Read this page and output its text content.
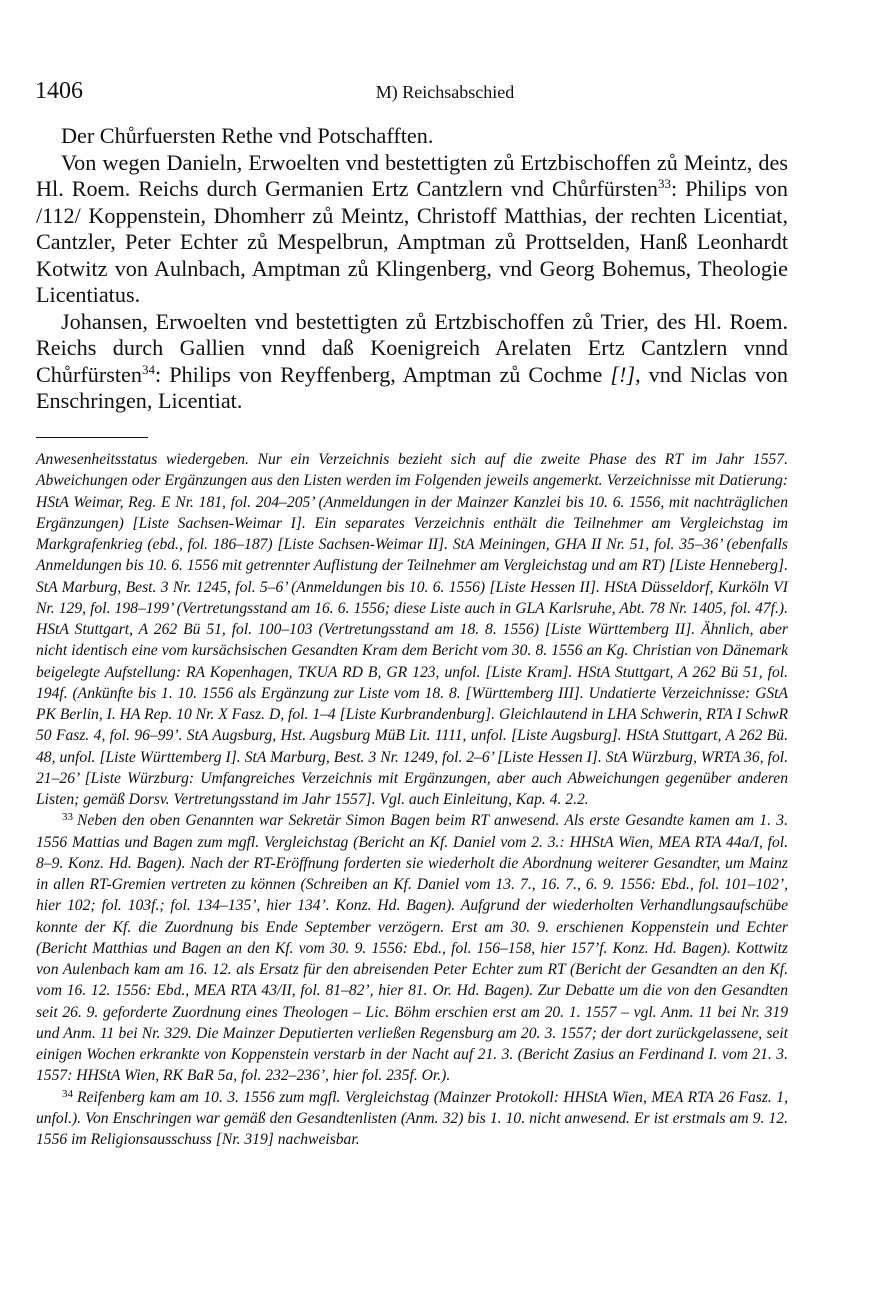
1406	M) Reichsabschied

Der Chůrfuersten Rethe vnd Potschafften.

Von wegen Danieln, Erwoelten vnd bestettigten zů Ertzbischoffen zů Meintz, des Hl. Roem. Reichs durch Germanien Ertz Cantzlern vnd Chůrfürsten$^{33}$: Philips von /112/ Koppenstein, Dhomherr zů Meintz, Christoff Matthias, der rechten Licentiat, Cantzler, Peter Echter zů Mespelbrun, Amptman zů Prottselden, Hanß Leonhardt Kotwitz von Aulnbach, Amptman zů Klingenberg, vnd Georg Bohemus, Theologie Licentiatus.

Johansen, Erwoelten vnd bestettigten zů Ertzbischoffen zů Trier, des Hl. Roem. Reichs durch Gallien vnnd daß Koenigreich Arelaten Ertz Cantzlern vnnd Chůrfürsten$^{34}$: Philips von Reyffenberg, Amptman zů Cochme [!], vnd Niclas von Enschringen, Licentiat.

Anwesenheitsstatus wiedergeben. Nur ein Verzeichnis bezieht sich auf die zweite Phase des RT im Jahr 1557. Abweichungen oder Ergänzungen aus den Listen werden im Folgenden jeweils angemerkt. Verzeichnisse mit Datierung: HStA Weimar, Reg. E Nr. 181, fol. 204–205’ (Anmeldungen in der Mainzer Kanzlei bis 10. 6. 1556, mit nachträglichen Ergänzungen) [Liste Sachsen-Weimar I]. Ein separates Verzeichnis enthält die Teilnehmer am Vergleichstag im Markgrafenkrieg (ebd., fol. 186–187) [Liste Sachsen-Weimar II]. StA Meiningen, GHA II Nr. 51, fol. 35–36’ (ebenfalls Anmeldungen bis 10. 6. 1556 mit getrennter Auflistung der Teilnehmer am Vergleichstag und am RT) [Liste Henneberg]. StA Marburg, Best. 3 Nr. 1245, fol. 5–6’ (Anmeldungen bis 10. 6. 1556) [Liste Hessen II]. HStA Düsseldorf, Kurköln VI Nr. 129, fol. 198–199’ (Vertretungsstand am 16. 6. 1556; diese Liste auch in GLA Karlsruhe, Abt. 78 Nr. 1405, fol. 47f.). HStA Stuttgart, A 262 Bü 51, fol. 100–103 (Vertretungsstand am 18. 8. 1556) [Liste Württemberg II]. Ähnlich, aber nicht identisch eine vom kursächsischen Gesandten Kram dem Bericht vom 30. 8. 1556 an Kg. Christian von Dänemark beigelegte Aufstellung: RA Kopenhagen, TKUA RD B, GR 123, unfol. [Liste Kram]. HStA Stuttgart, A 262 Bü 51, fol. 194f. (Ankünfte bis 1. 10. 1556 als Ergänzung zur Liste vom 18. 8. [Württemberg III]. Undatierte Verzeichnisse: GStA PK Berlin, I. HA Rep. 10 Nr. X Fasz. D, fol. 1–4 [Liste Kurbrandenburg]. Gleichlautend in LHA Schwerin, RTA I SchwR 50 Fasz. 4, fol. 96–99’. StA Augsburg, Hst. Augsburg MüB Lit. 1111, unfol. [Liste Augsburg]. HStA Stuttgart, A 262 Bü. 48, unfol. [Liste Württemberg I]. StA Marburg, Best. 3 Nr. 1249, fol. 2–6’ [Liste Hessen I]. StA Würzburg, WRTA 36, fol. 21–26’ [Liste Würzburg: Umfangreiches Verzeichnis mit Ergänzungen, aber auch Abweichungen gegenüber anderen Listen; gemäß Dorsv. Vertretungsstand im Jahr 1557]. Vgl. auch Einleitung, Kap. 4. 2.2.

$^{33}$ Neben den oben Genannten war Sekretär Simon Bagen beim RT anwesend. Als erste Gesandte kamen am 1. 3. 1556 Mattias und Bagen zum mgfl. Vergleichstag (Bericht an Kf. Daniel vom 2. 3.: HHStA Wien, MEA RTA 44a/I, fol. 8–9. Konz. Hd. Bagen). Nach der RT-Eröffnung forderten sie wiederholt die Abordnung weiterer Gesandter, um Mainz in allen RT-Gremien vertreten zu können (Schreiben an Kf. Daniel vom 13. 7., 16. 7., 6. 9. 1556: Ebd., fol. 101–102’, hier 102; fol. 103f.; fol. 134–135’, hier 134’. Konz. Hd. Bagen). Aufgrund der wiederholten Verhandlungsaufschübe konnte der Kf. die Zuordnung bis Ende September verzögern. Erst am 30. 9. erschienen Koppenstein und Echter (Bericht Matthias und Bagen an den Kf. vom 30. 9. 1556: Ebd., fol. 156–158, hier 157’f. Konz. Hd. Bagen). Kottwitz von Aulenbach kam am 16. 12. als Ersatz für den abreisenden Peter Echter zum RT (Bericht der Gesandten an den Kf. vom 16. 12. 1556: Ebd., MEA RTA 43/II, fol. 81–82’, hier 81. Or. Hd. Bagen). Zur Debatte um die von den Gesandten seit 26. 9. geforderte Zuordnung eines Theologen – Lic. Böhm erschien erst am 20. 1. 1557 – vgl. Anm. 11 bei Nr. 319 und Anm. 11 bei Nr. 329. Die Mainzer Deputierten verließen Regensburg am 20. 3. 1557; der dort zurückgelassene, seit einigen Wochen erkrankte von Koppenstein verstarb in der Nacht auf 21. 3. (Bericht Zasius an Ferdinand I. vom 21. 3. 1557: HHStA Wien, RK BaR 5a, fol. 232–236’, hier fol. 235f. Or.).

$^{34}$ Reifenberg kam am 10. 3. 1556 zum mgfl. Vergleichstag (Mainzer Protokoll: HHStA Wien, MEA RTA 26 Fasz. 1, unfol.). Von Enschringen war gemäß den Gesandtenlisten (Anm. 32) bis 1. 10. nicht anwesend. Er ist erstmals am 9. 12. 1556 im Religionsausschuss [Nr. 319] nachweisbar.
